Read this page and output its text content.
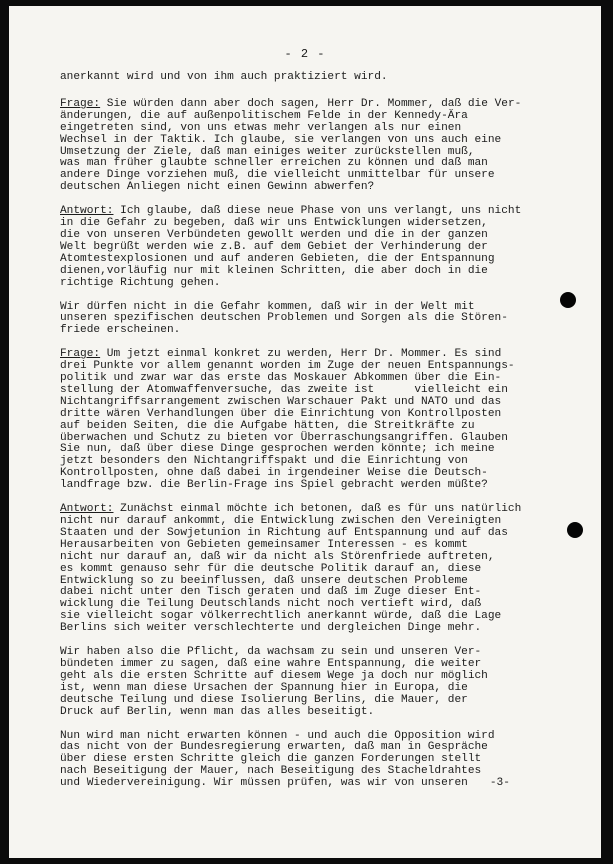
- 2 -
anerkannt wird und von ihm auch praktiziert wird.
Frage: Sie würden dann aber doch sagen, Herr Dr. Mommer, daß die Ver-
änderungen, die auf außenpolitischem Felde in der Kennedy-Ära
eingetreten sind, von uns etwas mehr verlangen als nur einen
Wechsel in der Taktik. Ich glaube, sie verlangen von uns auch eine
Umsetzung der Ziele, daß man einiges weiter zurückstellen muß,
was man früher glaubte schneller erreichen zu können und daß man
andere Dinge vorziehen muß, die vielleicht unmittelbar für unsere
deutschen Anliegen nicht einen Gewinn abwerfen?
Antwort: Ich glaube, daß diese neue Phase von uns verlangt, uns nicht
in die Gefahr zu begeben, daß wir uns Entwicklungen widersetzen,
die von unseren Verbündeten gewollt werden und die in der ganzen
Welt begrüßt werden wie z.B. auf dem Gebiet der Verhinderung der
Atomtestexplosionen und auf anderen Gebieten, die der Entspannung
dienen,vorläufig nur mit kleinen Schritten, die aber doch in die
richtige Richtung gehen.
Wir dürfen nicht in die Gefahr kommen, daß wir in der Welt mit
unseren spezifischen deutschen Problemen und Sorgen als die Stören-
friede erscheinen.
Frage: Um jetzt einmal konkret zu werden, Herr Dr. Mommer. Es sind
drei Punkte vor allem genannt worden im Zuge der neuen Entspannungs-
politik und zwar war das erste das Moskauer Abkommen über die Ein-
stellung der Atomwaffenversuche, das zweite ist      vielleicht ein
Nichtangriffsarrangement zwischen Warschauer Pakt und NATO und das
dritte wären Verhandlungen über die Einrichtung von Kontrollposten
auf beiden Seiten, die die Aufgabe hätten, die Streitkräfte zu
überwachen und Schutz zu bieten vor Überraschungsangriffen. Glauben
Sie nun, daß über diese Dinge gesprochen werden könnte; ich meine
jetzt besonders den Nichtangriffspakt und die Einrichtung von
Kontrollposten, ohne daß dabei in irgendeiner Weise die Deutsch-
landfrage bzw. die Berlin-Frage ins Spiel gebracht werden müßte?
Antwort: Zunächst einmal möchte ich betonen, daß es für uns natürlich
nicht nur darauf ankommt, die Entwicklung zwischen den Vereinigten
Staaten und der Sowjetunion in Richtung auf Entspannung und auf das
Herausarbeiten von Gebieten gemeinsamer Interessen - es kommt
nicht nur darauf an, daß wir da nicht als Störenfriede auftreten,
es kommt genauso sehr für die deutsche Politik darauf an, diese
Entwicklung so zu beeinflussen, daß unsere deutschen Probleme
dabei nicht unter den Tisch geraten und daß im Zuge dieser Ent-
wicklung die Teilung Deutschlands nicht noch vertieft wird, daß
sie vielleicht sogar völkerrechtlich anerkannt würde, daß die Lage
Berlins sich weiter verschlechterte und dergleichen Dinge mehr.
Wir haben also die Pflicht, da wachsam zu sein und unseren Ver-
bündeten immer zu sagen, daß eine wahre Entspannung, die weiter
geht als die ersten Schritte auf diesem Wege ja doch nur möglich
ist, wenn man diese Ursachen der Spannung hier in Europa, die
deutsche Teilung und diese Isolierung Berlins, die Mauer, der
Druck auf Berlin, wenn man das alles beseitigt.
Nun wird man nicht erwarten können - und auch die Opposition wird
das nicht von der Bundesregierung erwarten, daß man in Gespräche
über diese ersten Schritte gleich die ganzen Forderungen stellt
nach Beseitigung der Mauer, nach Beseitigung des Stacheldrahtes
und Wiedervereinigung. Wir müssen prüfen, was wir von unseren -3-
